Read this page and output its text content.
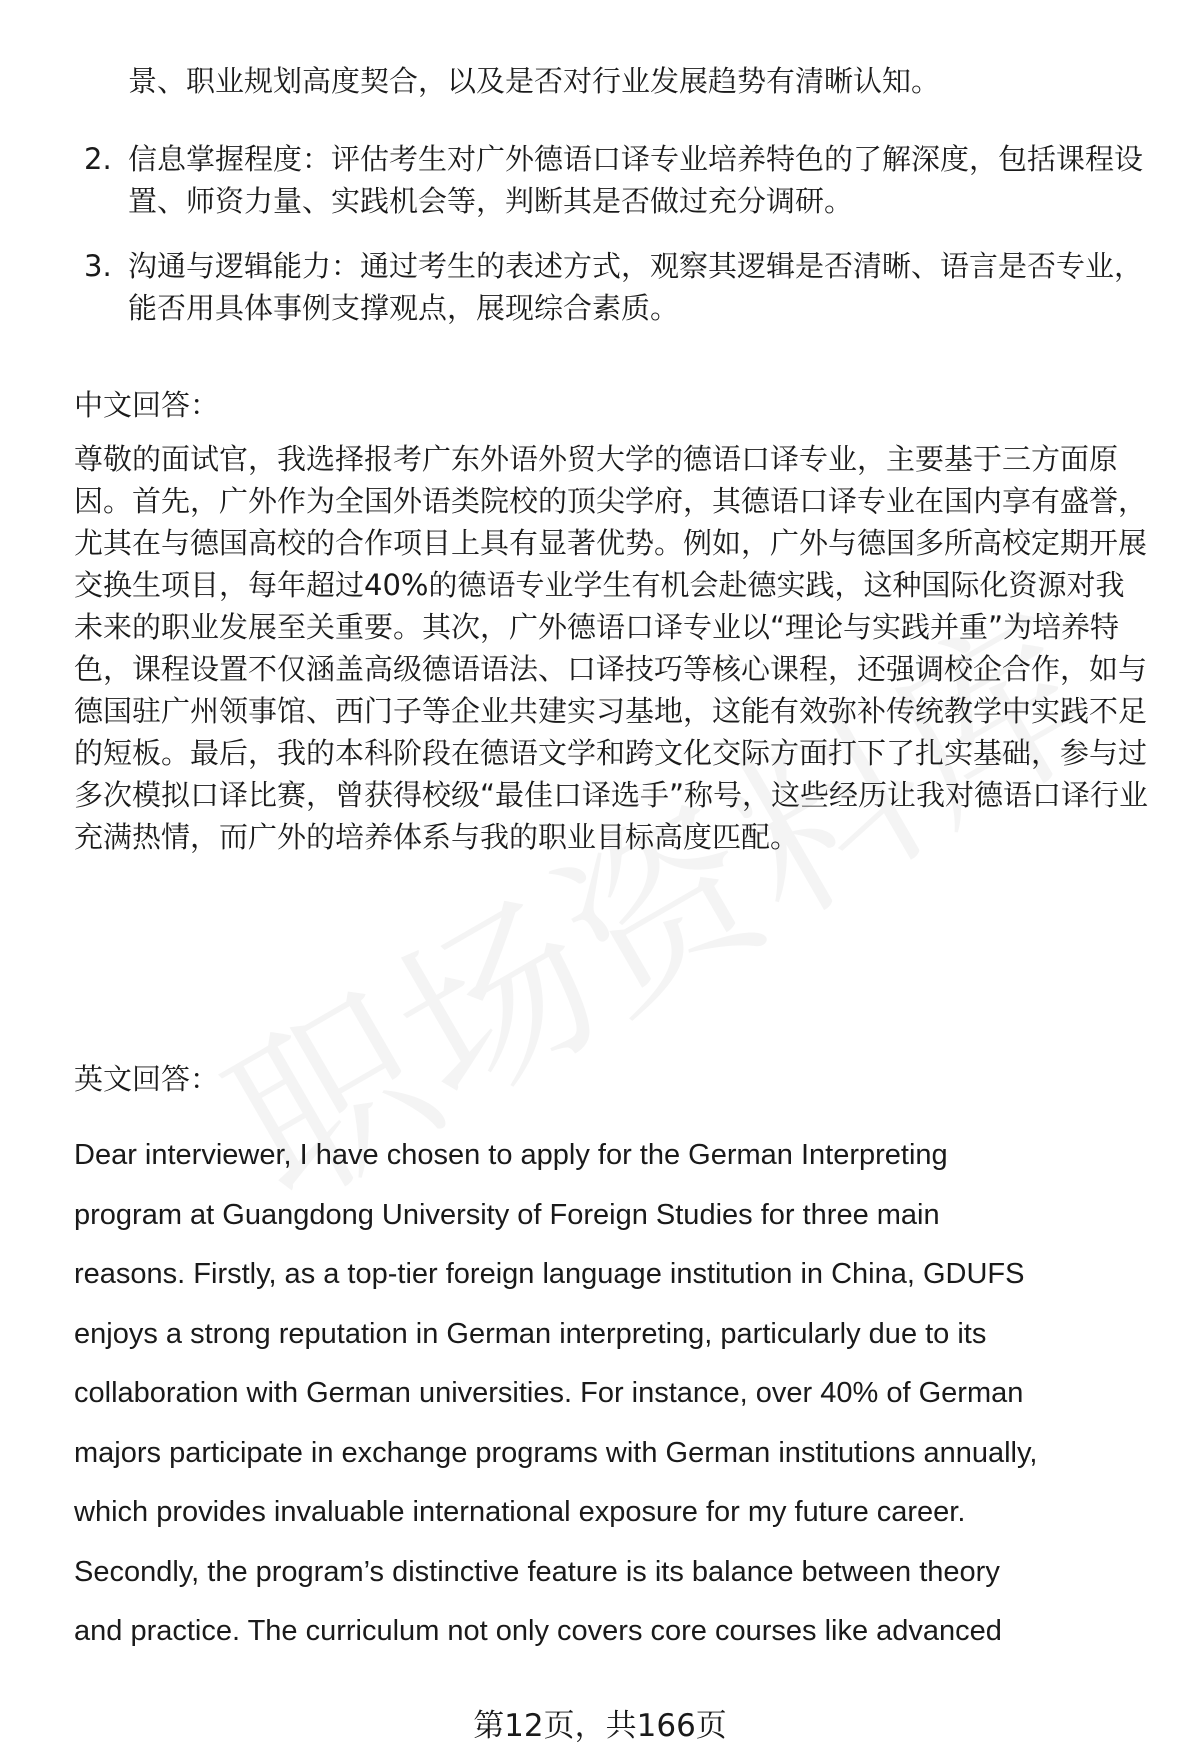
景、职业规划高度契合，以及是否对行业发展趋势有清晰认知。

2. 信息掌握程度：评估考生对广外德语口译专业培养特色的了解深度，包括课程设置、师资力量、实践机会等，判断其是否做过充分调研。

3. 沟通与逻辑能力：通过考生的表述方式，观察其逻辑是否清晰、语言是否专业，能否用具体事例支撑观点，展现综合素质。

中文回答：

尊敬的面试官，我选择报考广东外语外贸大学的德语口译专业，主要基于三方面原因。首先，广外作为全国外语类院校的顶尖学府，其德语口译专业在国内享有盛誉，尤其在与德国高校的合作项目上具有显著优势。例如，广外与德国多所高校定期开展交换生项目，每年超过40%的德语专业学生有机会赴德实践，这种国际化资源对我未来的职业发展至关重要。其次，广外德语口译专业以“理论与实践并重”为培养特色，课程设置不仅涵盖高级德语语法、口译技巧等核心课程，还强调校企合作，如与德国驻广州领事馆、西门子等企业共建实习基地，这能有效弥补传统教学中实践不足的短板。最后，我的本科阶段在德语文学和跨文化交际方面打下了扎实基础，参与过多次模拟口译比赛，曾获得校级“最佳口译选手”称号，这些经历让我对德语口译行业充满热情，而广外的培养体系与我的职业目标高度匹配。

英文回答：

Dear interviewer, I have chosen to apply for the German Interpreting
program at Guangdong University of Foreign Studies for three main
reasons. Firstly, as a top-tier foreign language institution in China, GDUFS
enjoys a strong reputation in German interpreting, particularly due to its
collaboration with German universities. For instance, over 40% of German
majors participate in exchange programs with German institutions annually,
which provides invaluable international exposure for my future career.
Secondly, the program’s distinctive feature is its balance between theory
and practice. The curriculum not only covers core courses like advanced
第12页，共166页
